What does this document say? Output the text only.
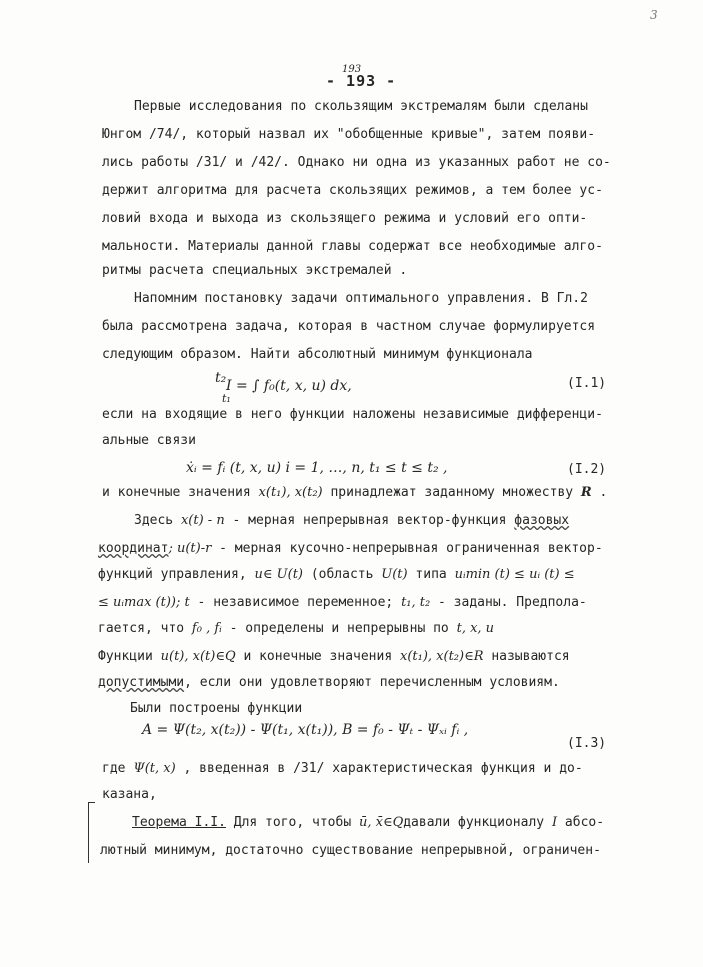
3
193
- 193 -
Первые исследования по скользящим экстремалям были сделаны
Юнгом /74/, который назвал их "обобщенные кривые", затем появи-
лись работы /31/ и /42/. Однако ни одна из указанных работ не со-
держит алгоритма для расчета скользящих режимов, а тем более ус-
ловий входа и выхода из скользящего режима и условий его опти-
мальности. Материалы данной главы содержат все необходимые алго-
ритмы расчета специальных экстремалей .
Напомним постановку задачи оптимального управления. В Гл.2
была рассмотрена задача, которая в частном случае формулируется
следующим образом. Найти абсолютный минимум функционала
t₂ I = ∫ f₀(t, x, u) dx,
t₁
(I.1)
если на входящие в него функции наложены независимые дифференци-
альные связи
ẋᵢ = fᵢ (t, x, u) i = 1, …, n, t₁ ≤ t ≤ t₂ ,	(I.2)
и конечные значения x(t₁), x(t₂) принадлежат заданному множеству R .
Здесь x(t) - n - мерная непрерывная вектор-функция фазовых
координат; u(t)-r - мерная кусочно-непрерывная ограниченная вектор-
функций управления, u∈ U(t) (область U(t) типа uᵢmin (t) ≤ uᵢ (t) ≤
≤ uᵢmax (t)); t - независимое переменное; t₁, t₂ - заданы. Предпола-
гается, что f₀ , fᵢ - определены и непрерывны по t, x, u
Функции u(t), x(t)∈Q и конечные значения x(t₁), x(t₂)∈R называются
допустимыми, если они удовлетворяют перечисленным условиям.
Были построены функции
A = Ψ(t₂, x(t₂)) - Ψ(t₁, x(t₁)), B = f₀ - Ψₜ - Ψₓᵢ fᵢ ,
(I.3)
где Ψ(t, x) , введенная в /31/ характеристическая функция и до-
казана,
Теорема I.I. Для того, чтобы ū, x̄∈Qдавали функционалу I абсо-
лютный минимум, достаточно существование непрерывной, ограничен-
